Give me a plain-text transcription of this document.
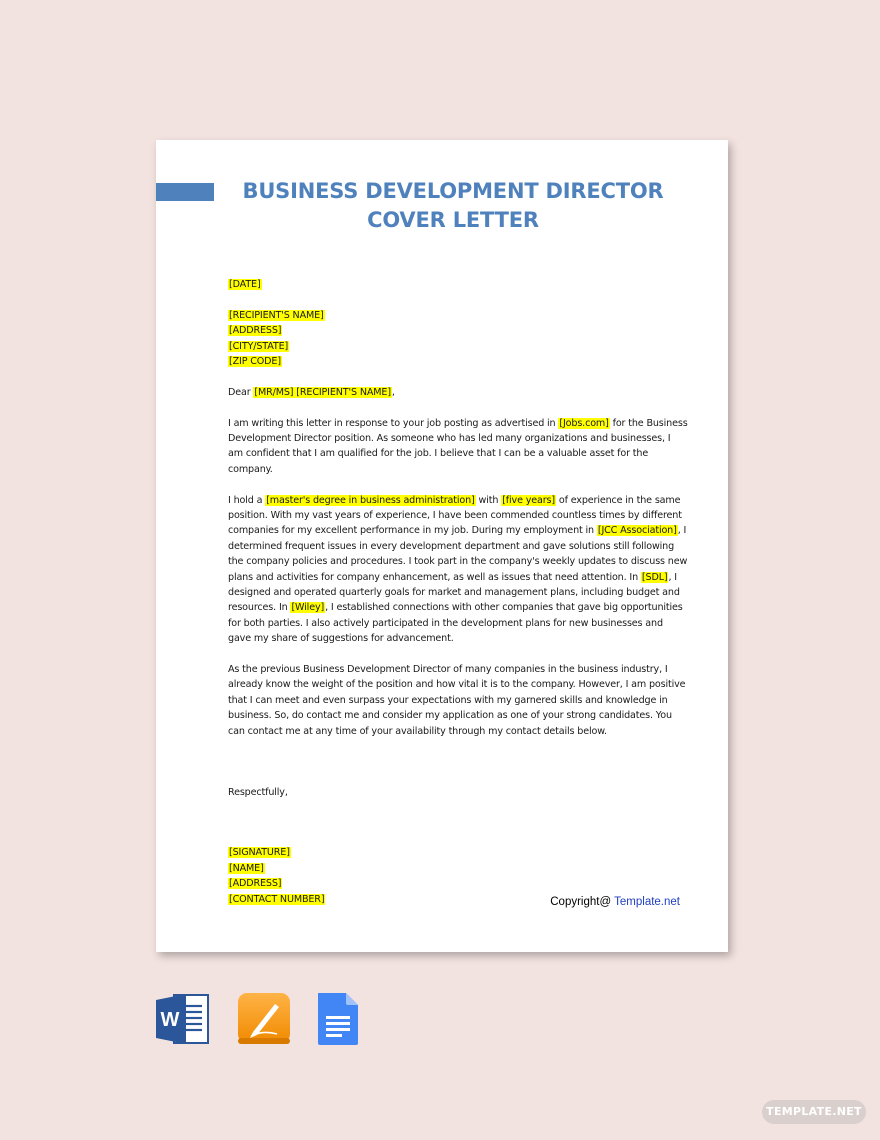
BUSINESS DEVELOPMENT DIRECTOR
COVER LETTER

[DATE]

[RECIPIENT'S NAME]
[ADDRESS]
[CITY/STATE]
[ZIP CODE]

Dear [MR/MS] [RECIPIENT'S NAME],

I am writing this letter in response to your job posting as advertised in [Jobs.com] for the Business Development Director position. As someone who has led many organizations and businesses, I am confident that I am qualified for the job. I believe that I can be a valuable asset for the company.

I hold a [master's degree in business administration] with [five years] of experience in the same position. With my vast years of experience, I have been commended countless times by different companies for my excellent performance in my job. During my employment in [JCC Association], I determined frequent issues in every development department and gave solutions still following the company policies and procedures. I took part in the company's weekly updates to discuss new plans and activities for company enhancement, as well as issues that need attention. In [SDL], I designed and operated quarterly goals for market and management plans, including budget and resources. In [Wiley], I established connections with other companies that gave big opportunities for both parties. I also actively participated in the development plans for new businesses and gave my share of suggestions for advancement.

As the previous Business Development Director of many companies in the business industry, I already know the weight of the position and how vital it is to the company. However, I am positive that I can meet and even surpass your expectations with my garnered skills and knowledge in business. So, do contact me and consider my application as one of your strong candidates. You can contact me at any time of your availability through my contact details below.

Respectfully,

[SIGNATURE]
[NAME]
[ADDRESS]
[CONTACT NUMBER]	Copyright@ Template.net
W
TEMPLATE.NET
